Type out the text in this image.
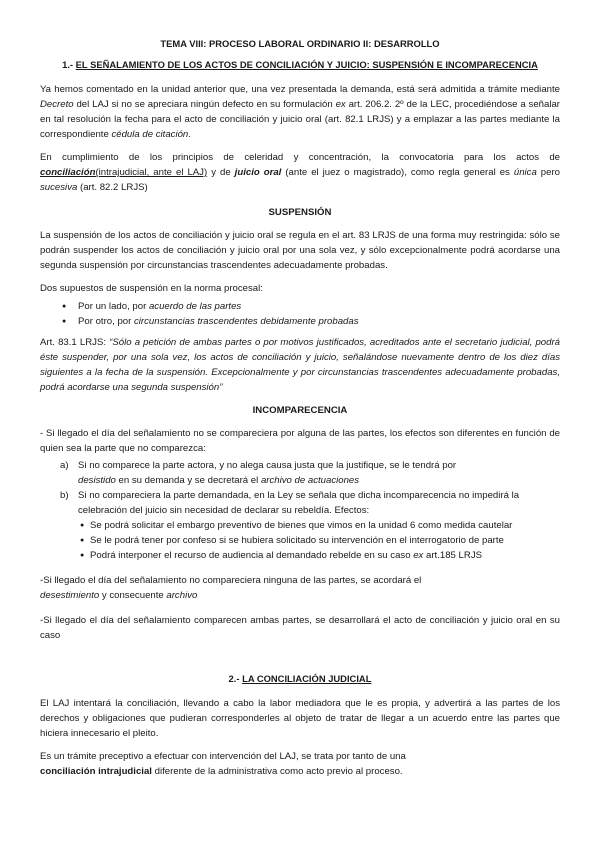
TEMA VIII: PROCESO LABORAL ORDINARIO II: DESARROLLO

1.- EL SEÑALAMIENTO DE LOS ACTOS DE CONCILIACIÓN Y JUICIO: SUSPENSIÓN E INCOMPARECENCIA

Ya hemos comentado en la unidad anterior que, una vez presentada la demanda, está será admitida a trámite mediante Decreto del LAJ si no se apreciara ningún defecto en su formulación ex art. 206.2. 2º de la LEC, procediéndose a señalar en tal resolución la fecha para el acto de conciliación y juicio oral (art. 82.1 LRJS) y a emplazar a las partes mediante la correspondiente cédula de citación.

En cumplimiento de los principios de celeridad y concentración, la convocatoria para los actos de conciliación(intrajudicial, ante el LAJ) y de juicio oral (ante el juez o magistrado), como regla general es única pero sucesiva (art. 82.2 LRJS)

SUSPENSIÓN

La suspensión de los actos de conciliación y juicio oral se regula en el art. 83 LRJS de una forma muy restringida: sólo se podrán suspender los actos de conciliación y juicio oral por una sola vez, y sólo excepcionalmente podrá acordarse una segunda suspensión por circunstancias trascendentes adecuadamente probadas.

Dos supuestos de suspensión en la norma procesal:

● Por un lado, por acuerdo de las partes
● Por otro, por circunstancias trascendentes debidamente probadas

Art. 83.1 LRJS: “Sólo a petición de ambas partes o por motivos justificados, acreditados ante el secretario judicial, podrá éste suspender, por una sola vez, los actos de conciliación y juicio, señalándose nuevamente dentro de los diez días siguientes a la fecha de la suspensión. Excepcionalmente y por circunstancias trascendentes adecuadamente probadas, podrá acordarse una segunda suspensión”

INCOMPARECENCIA

- Si llegado el día del señalamiento no se compareciera por alguna de las partes, los efectos son diferentes en función de quien sea la parte que no comparezca:

a) Si no comparece la parte actora, y no alega causa justa que la justifique, se le tendrá por
desistido en su demanda y se decretará el archivo de actuaciones
b) Si no compareciera la parte demandada, en la Ley se señala que dicha incomparecencia no impedirá la celebración del juicio sin necesidad de declarar su rebeldía. Efectos:
● Se podrá solicitar el embargo preventivo de bienes que vimos en la unidad 6 como medida cautelar
● Se le podrá tener por confeso si se hubiera solicitado su intervención en el interrogatorio de parte
● Podrá interponer el recurso de audiencia al demandado rebelde en su caso ex art.185 LRJS

-Si llegado el día del señalamiento no compareciera ninguna de las partes, se acordará el
desestimiento y consecuente archivo

-Si llegado el día del señalamiento comparecen ambas partes, se desarrollará el acto de conciliación y juicio oral en su caso

2.- LA CONCILIACIÓN JUDICIAL

El LAJ intentará la conciliación, llevando a cabo la labor mediadora que le es propia, y advertirá a las partes de los derechos y obligaciones que pudieran corresponderles al objeto de tratar de llegar a un acuerdo entre las partes que hiciera innecesario el pleito.

Es un trámite preceptivo a efectuar con intervención del LAJ, se trata por tanto de una
conciliación intrajudicial diferente de la administrativa como acto previo al proceso.
